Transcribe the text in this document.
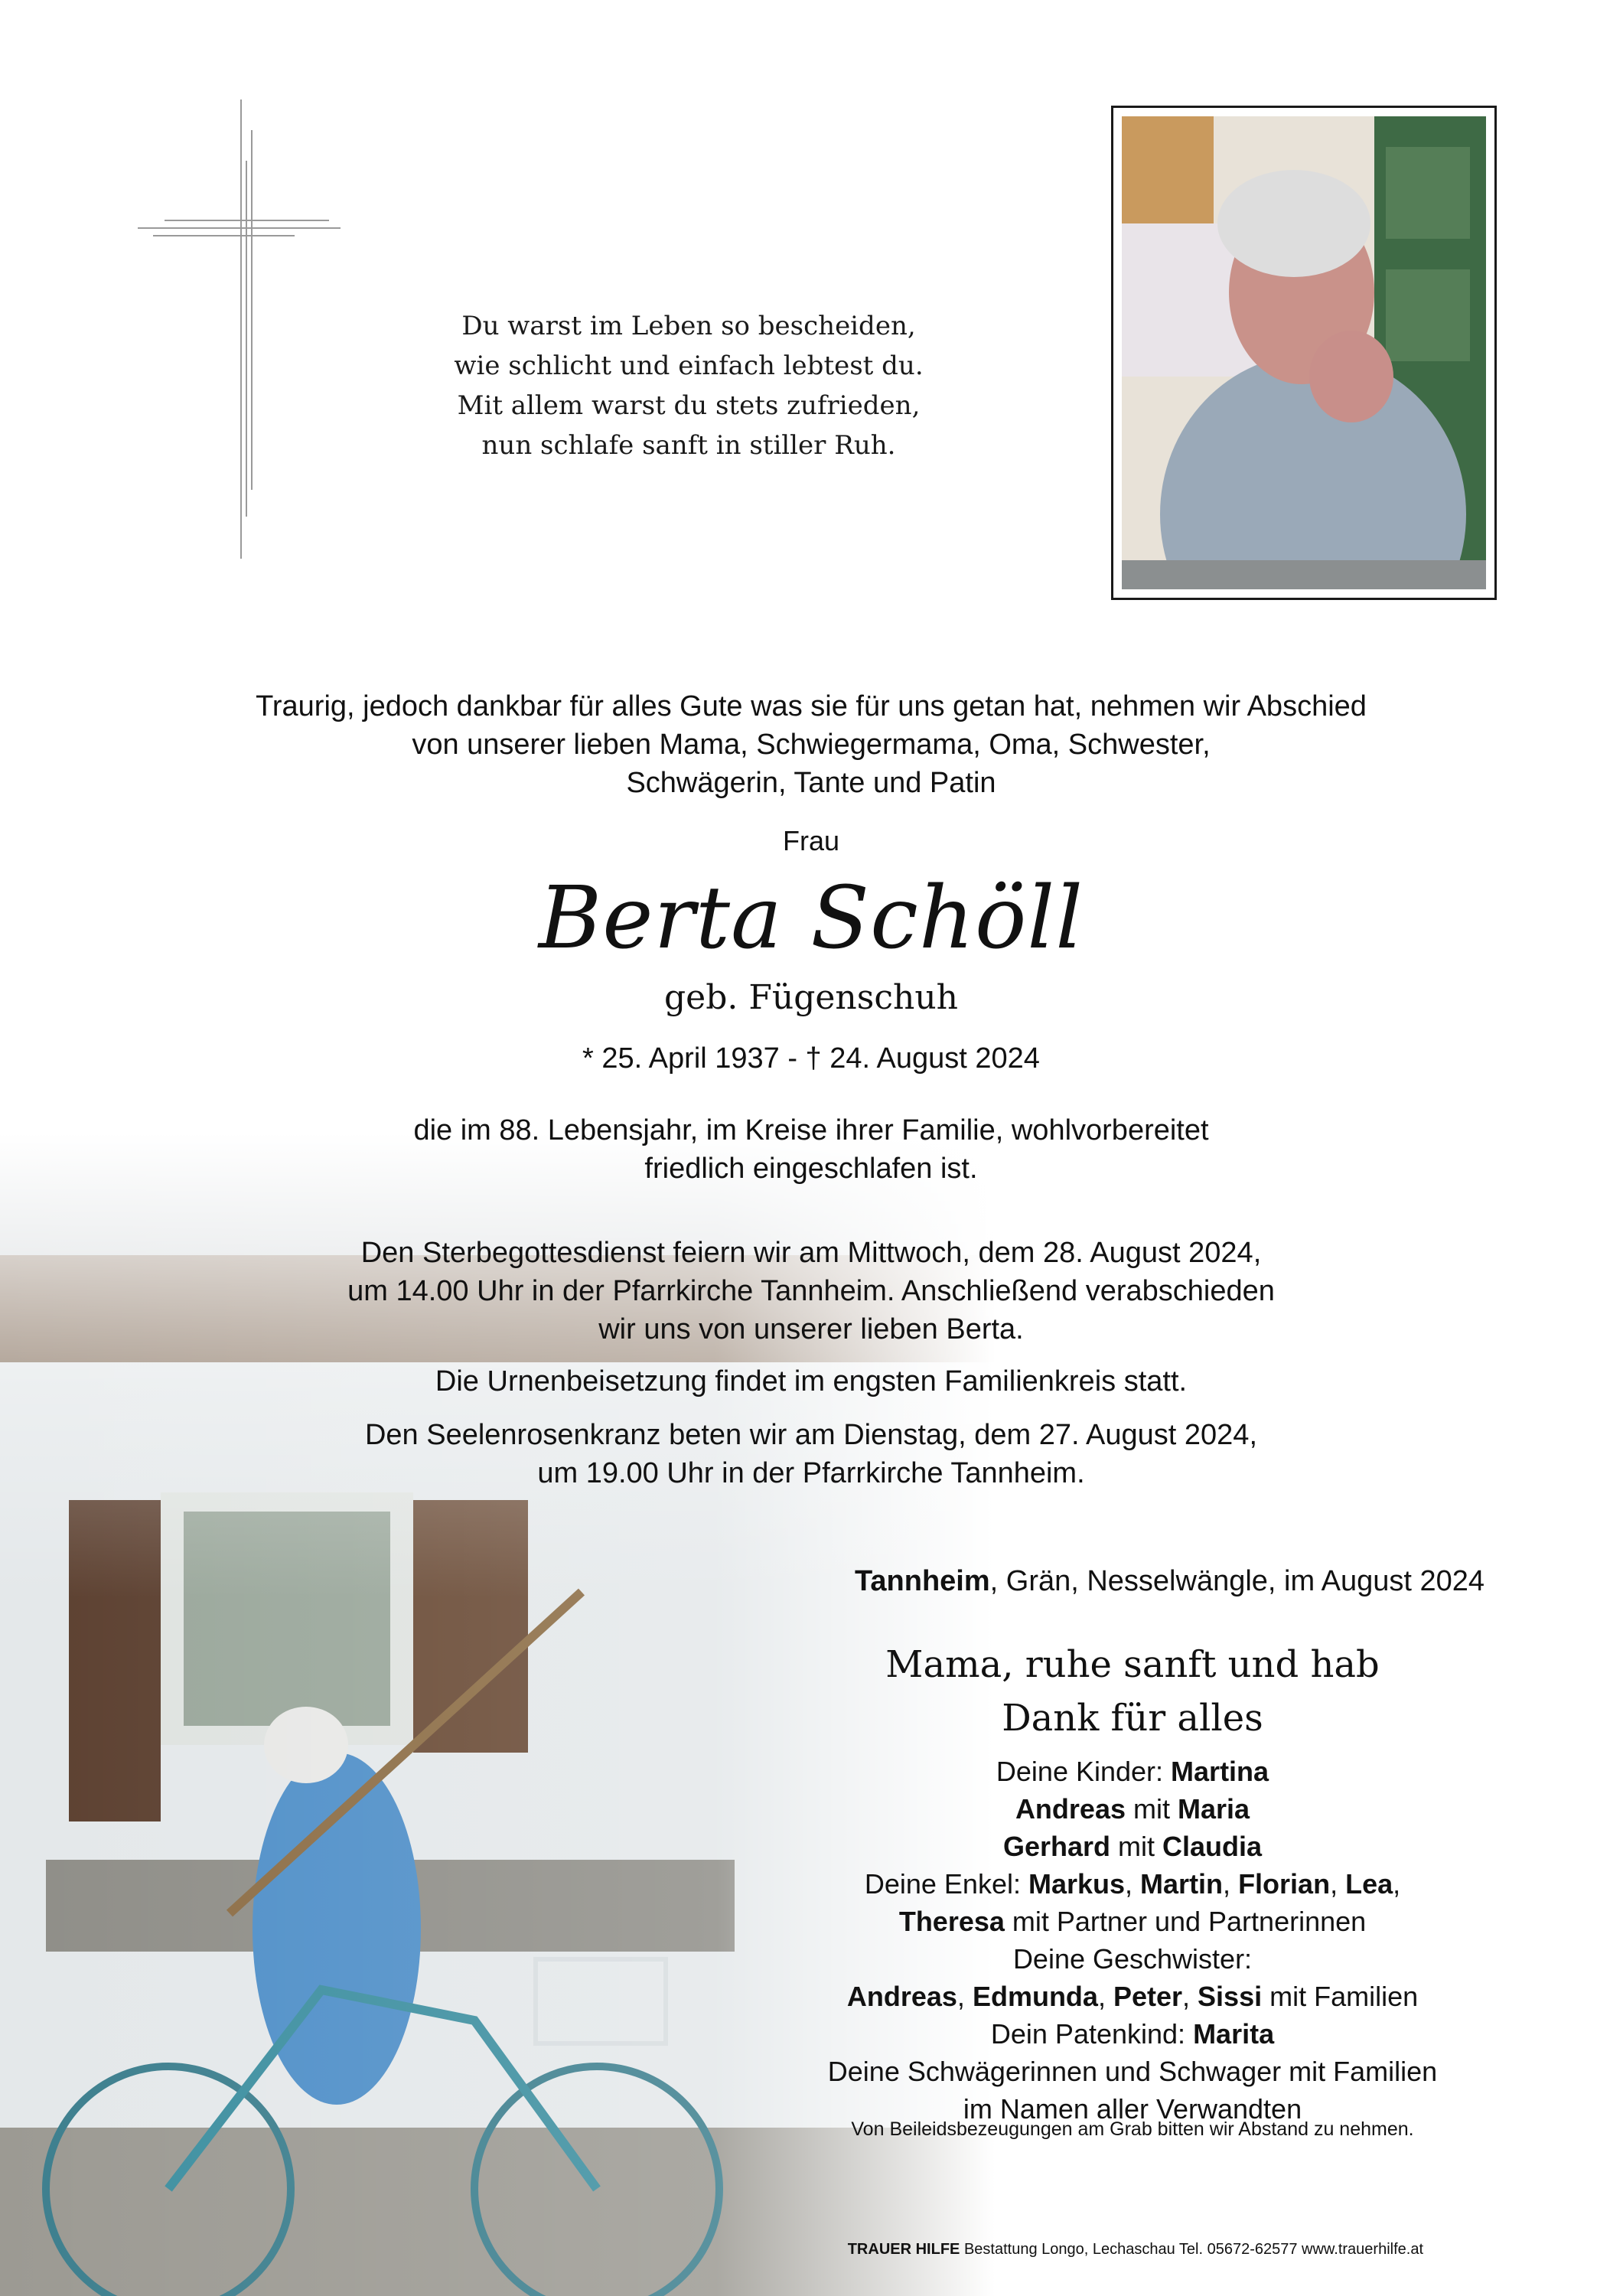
Du warst im Leben so bescheiden,
wie schlicht und einfach lebtest du.
Mit allem warst du stets zufrieden,
nun schlafe sanft in stiller Ruh.
Traurig, jedoch dankbar für alles Gute was sie für uns getan hat, nehmen wir Abschied
von unserer lieben Mama, Schwiegermama, Oma, Schwester,
Schwägerin, Tante und Patin
Frau
Berta Schöll
geb. Fügenschuh
* 25. April 1937 - † 24. August 2024
die im 88. Lebensjahr, im Kreise ihrer Familie, wohlvorbereitet
friedlich eingeschlafen ist.
Den Sterbegottesdienst feiern wir am Mittwoch, dem 28. August 2024,
um 14.00 Uhr in der Pfarrkirche Tannheim. Anschließend verabschieden
wir uns von unserer lieben Berta.
Die Urnenbeisetzung findet im engsten Familienkreis statt.
Den Seelenrosenkranz beten wir am Dienstag, dem 27. August 2024,
um 19.00 Uhr in der Pfarrkirche Tannheim.
Tannheim, Grän, Nesselwängle, im August 2024
Mama, ruhe sanft und hab
Dank für alles
Deine Kinder: Martina
Andreas mit Maria
Gerhard mit Claudia
Deine Enkel: Markus, Martin, Florian, Lea,
Theresa mit Partner und Partnerinnen
Deine Geschwister:
Andreas, Edmunda, Peter, Sissi mit Familien
Dein Patenkind: Marita
Deine Schwägerinnen und Schwager mit Familien
im Namen aller Verwandten
Von Beileidsbezeugungen am Grab bitten wir Abstand zu nehmen.
TRAUER HILFE Bestattung Longo, Lechaschau Tel. 05672-62577 www.trauerhilfe.at
